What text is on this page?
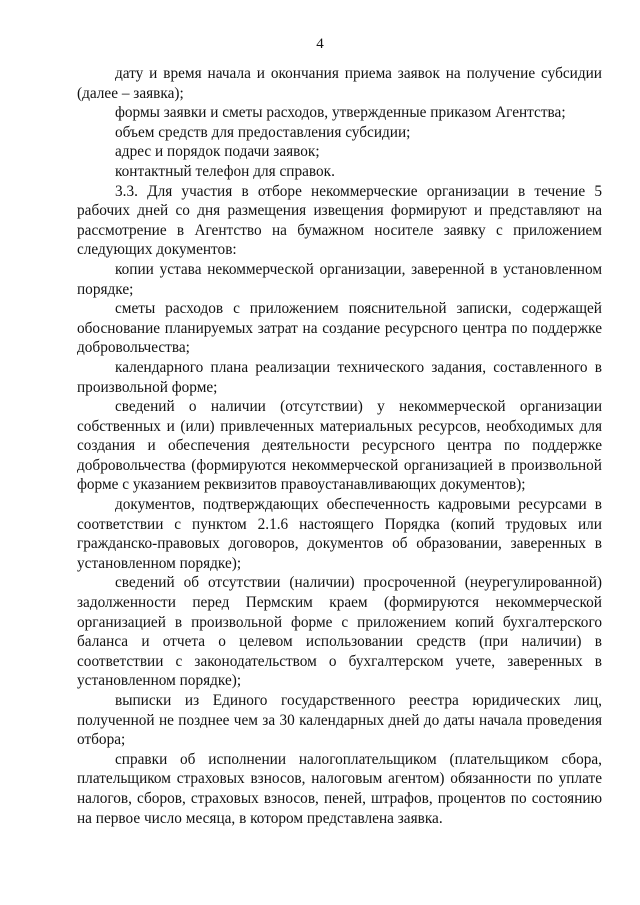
4

дату и время начала и окончания приема заявок на получение субсидии (далее – заявка);

формы заявки и сметы расходов, утвержденные приказом Агентства;

объем средств для предоставления субсидии;

адрес и порядок подачи заявок;

контактный телефон для справок.

3.3. Для участия в отборе некоммерческие организации в течение 5 рабочих дней со дня размещения извещения формируют и представляют на рассмотрение в Агентство на бумажном носителе заявку с приложением следующих документов:

копии устава некоммерческой организации, заверенной в установленном порядке;

сметы расходов с приложением пояснительной записки, содержащей обоснование планируемых затрат на создание ресурсного центра по поддержке добровольчества;

календарного плана реализации технического задания, составленного в произвольной форме;

сведений о наличии (отсутствии) у некоммерческой организации собственных и (или) привлеченных материальных ресурсов, необходимых для создания и обеспечения деятельности ресурсного центра по поддержке добровольчества (формируются некоммерческой организацией в произвольной форме с указанием реквизитов правоустанавливающих документов);

документов, подтверждающих обеспеченность кадровыми ресурсами в соответствии с пунктом 2.1.6 настоящего Порядка (копий трудовых или гражданско-правовых договоров, документов об образовании, заверенных в установленном порядке);

сведений об отсутствии (наличии) просроченной (неурегулированной) задолженности перед Пермским краем (формируются некоммерческой организацией в произвольной форме с приложением копий бухгалтерского баланса и отчета о целевом использовании средств (при наличии) в соответствии с законодательством о бухгалтерском учете, заверенных в установленном порядке);

выписки из Единого государственного реестра юридических лиц, полученной не позднее чем за 30 календарных дней до даты начала проведения отбора;

справки об исполнении налогоплательщиком (плательщиком сбора, плательщиком страховых взносов, налоговым агентом) обязанности по уплате налогов, сборов, страховых взносов, пеней, штрафов, процентов по состоянию на первое число месяца, в котором представлена заявка.
